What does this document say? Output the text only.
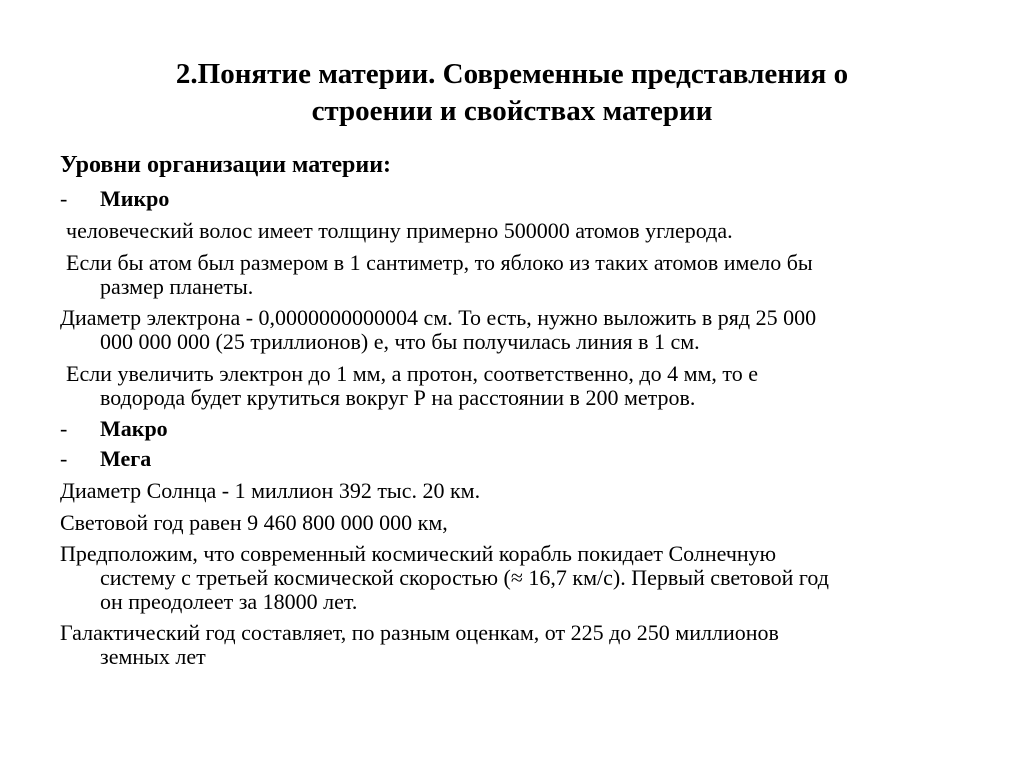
2.Понятие материи. Современные представления о
строении и свойствах материи
Уровни организации материи:
- Микро
человеческий волос имеет толщину примерно 500000 атомов углерода.
Если бы атом был размером в 1 сантиметр, то яблоко из таких атомов имело бы
размер планеты.
Диаметр электрона - 0,0000000000004 см. То есть, нужно выложить в ряд 25 000
000 000 000 (25 триллионов) е, что бы получилась линия в 1 см.
Если увеличить электрон до 1 мм, а протон, соответственно, до 4 мм, то е
водорода будет крутиться вокруг Р на расстоянии в 200 метров.
- Макро
- Мега
Диаметр Солнца - 1 миллион 392 тыс. 20 км.
Световой год равен 9 460 800 000 000 км,
Предположим, что современный космический корабль покидает Солнечную
систему с третьей космической скоростью (≈ 16,7 км/с). Первый световой год
он преодолеет за 18000 лет.
Галактический год составляет, по разным оценкам, от 225 до 250 миллионов
земных лет
